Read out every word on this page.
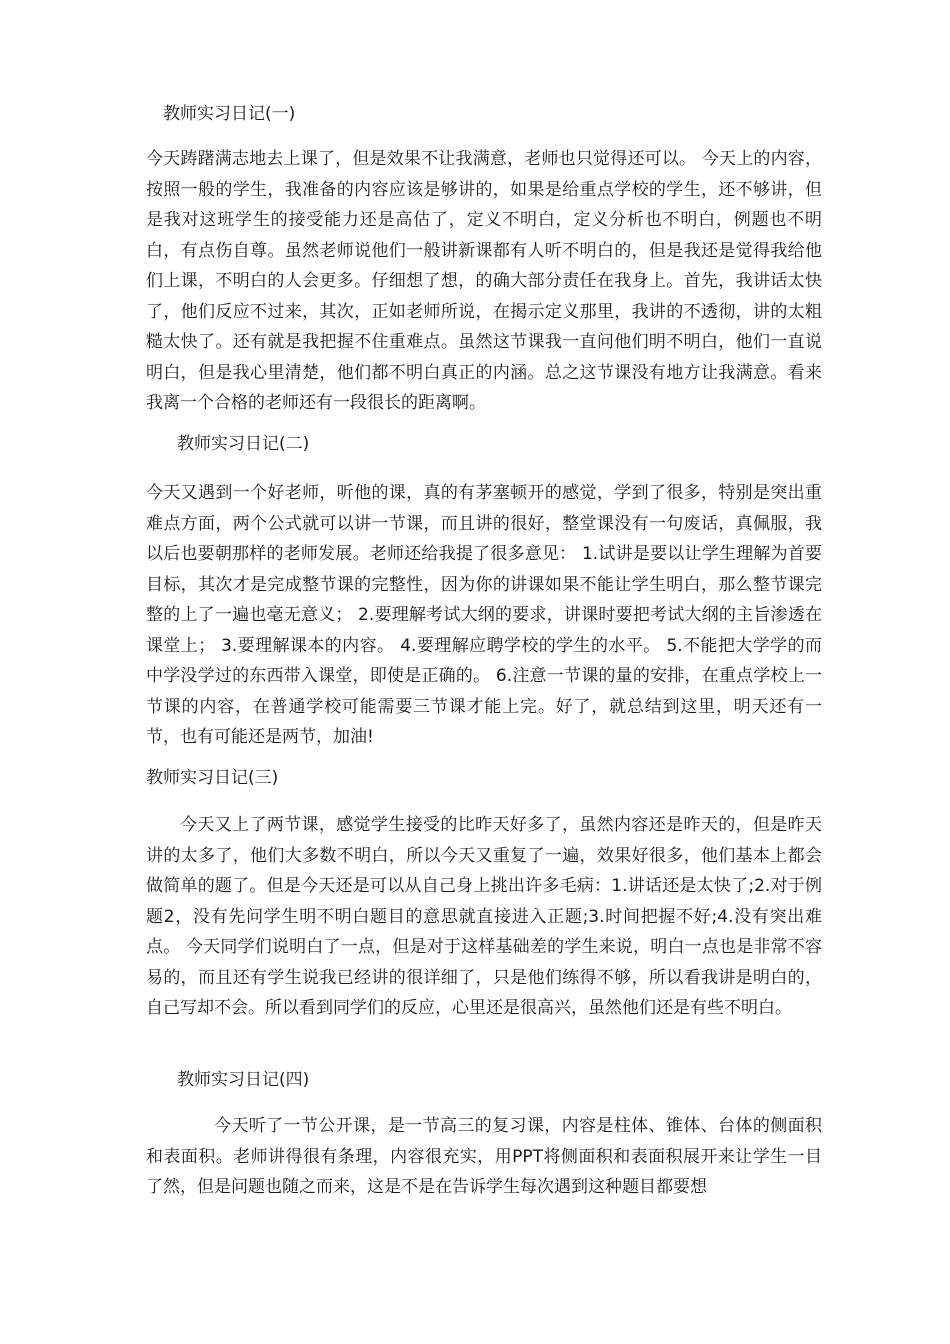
教师实习日记(一)

今天踌躇满志地去上课了，但是效果不让我满意，老师也只觉得还可以。 今天上的内容，按照一般的学生，我准备的内容应该是够讲的，如果是给重点学校的学生，还不够讲，但是我对这班学生的接受能力还是高估了，定义不明白，定义分析也不明白，例题也不明白，有点伤自尊。虽然老师说他们一般讲新课都有人听不明白的，但是我还是觉得我给他们上课，不明白的人会更多。仔细想了想，的确大部分责任在我身上。首先，我讲话太快了，他们反应不过来，其次，正如老师所说，在揭示定义那里，我讲的不透彻，讲的太粗糙太快了。还有就是我把握不住重难点。虽然这节课我一直问他们明不明白，他们一直说明白，但是我心里清楚，他们都不明白真正的内涵。总之这节课没有地方让我满意。看来我离一个合格的老师还有一段很长的距离啊。

教师实习日记(二)

今天又遇到一个好老师，听他的课，真的有茅塞顿开的感觉，学到了很多，特别是突出重难点方面，两个公式就可以讲一节课，而且讲的很好，整堂课没有一句废话，真佩服，我以后也要朝那样的老师发展。老师还给我提了很多意见： 1.试讲是要以让学生理解为首要目标，其次才是完成整节课的完整性，因为你的讲课如果不能让学生明白，那么整节课完整的上了一遍也毫无意义； 2.要理解考试大纲的要求，讲课时要把考试大纲的主旨渗透在课堂上； 3.要理解课本的内容。 4.要理解应聘学校的学生的水平。 5.不能把大学学的而中学没学过的东西带入课堂，即使是正确的。 6.注意一节课的量的安排，在重点学校上一节课的内容，在普通学校可能需要三节课才能上完。好了，就总结到这里，明天还有一节，也有可能还是两节，加油!

教师实习日记(三)

今天又上了两节课，感觉学生接受的比昨天好多了，虽然内容还是昨天的，但是昨天讲的太多了，他们大多数不明白，所以今天又重复了一遍，效果好很多，他们基本上都会做简单的题了。但是今天还是可以从自己身上挑出许多毛病：1.讲话还是太快了;2.对于例题2，没有先问学生明不明白题目的意思就直接进入正题;3.时间把握不好;4.没有突出难点。 今天同学们说明白了一点，但是对于这样基础差的学生来说，明白一点也是非常不容易的，而且还有学生说我已经讲的很详细了，只是他们练得不够，所以看我讲是明白的，自己写却不会。所以看到同学们的反应，心里还是很高兴，虽然他们还是有些不明白。

教师实习日记(四)

今天听了一节公开课，是一节高三的复习课，内容是柱体、锥体、台体的侧面积和表面积。老师讲得很有条理，内容很充实，用PPT将侧面积和表面积展开来让学生一目了然，但是问题也随之而来，这是不是在告诉学生每次遇到这种题目都要想
